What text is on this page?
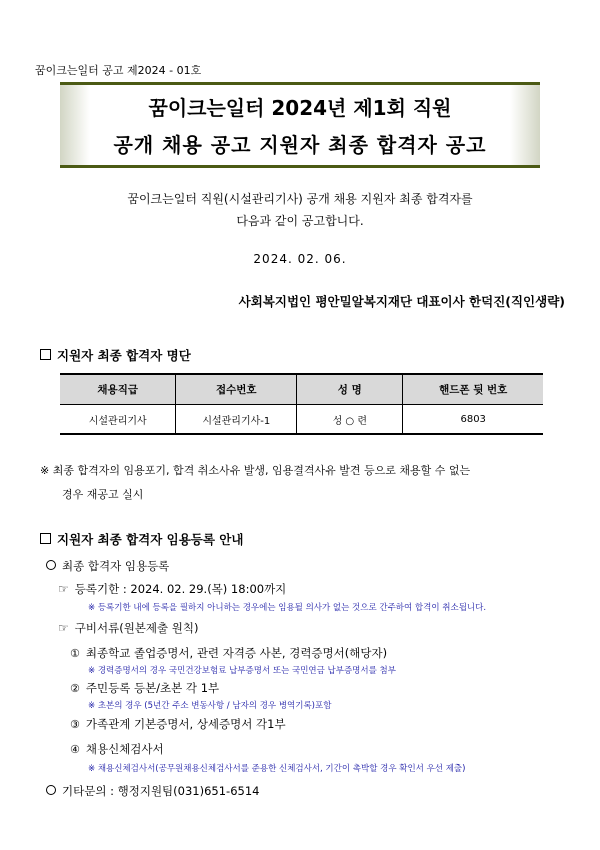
꿈이크는일터 공고 제2024 - 01호
꿈이크는일터 2024년 제1회 직원
공개 채용 공고 지원자 최종 합격자 공고
꿈이크는일터 직원(시설관리기사) 공개 채용 지원자 최종 합격자를
다음과 같이 공고합니다.
2024. 02. 06.
사회복지법인 평안밀알복지재단 대표이사 한덕진(직인생략)
지원자 최종 합격자 명단
채용직급	접수번호	성 명	핸드폰 뒷 번호
시설관리기사	시설관리기사-1	성 ○ 련	6803
※ 최종 합격자의 임용포기, 합격 취소사유 발생, 임용결격사유 발견 등으로 채용할 수 없는
경우 재공고 실시
지원자 최종 합격자 임용등록 안내
최종 합격자 임용등록
☞ 등록기한 : 2024. 02. 29.(목) 18:00까지
※ 등록기한 내에 등록을 필하지 아니하는 경우에는 임용될 의사가 없는 것으로 간주하여 합격이 취소됩니다.
☞ 구비서류(원본제출 원칙)
① 최종학교 졸업증명서, 관련 자격증 사본, 경력증명서(해당자)
※ 경력증명서의 경우 국민건강보험료 납부증명서 또는 국민연금 납부증명서를 첨부
② 주민등록 등본/초본 각 1부
※ 초본의 경우 (5년간 주소 변동사항 / 남자의 경우 병역기록)포함
③ 가족관계 기본증명서, 상세증명서 각1부
④ 채용신체검사서
※ 채용신체검사서(공무원채용신체검사서를 준용한 신체검사서, 기간이 촉박할 경우 확인서 우선 제출)
기타문의 : 행정지원팀(031)651-6514
